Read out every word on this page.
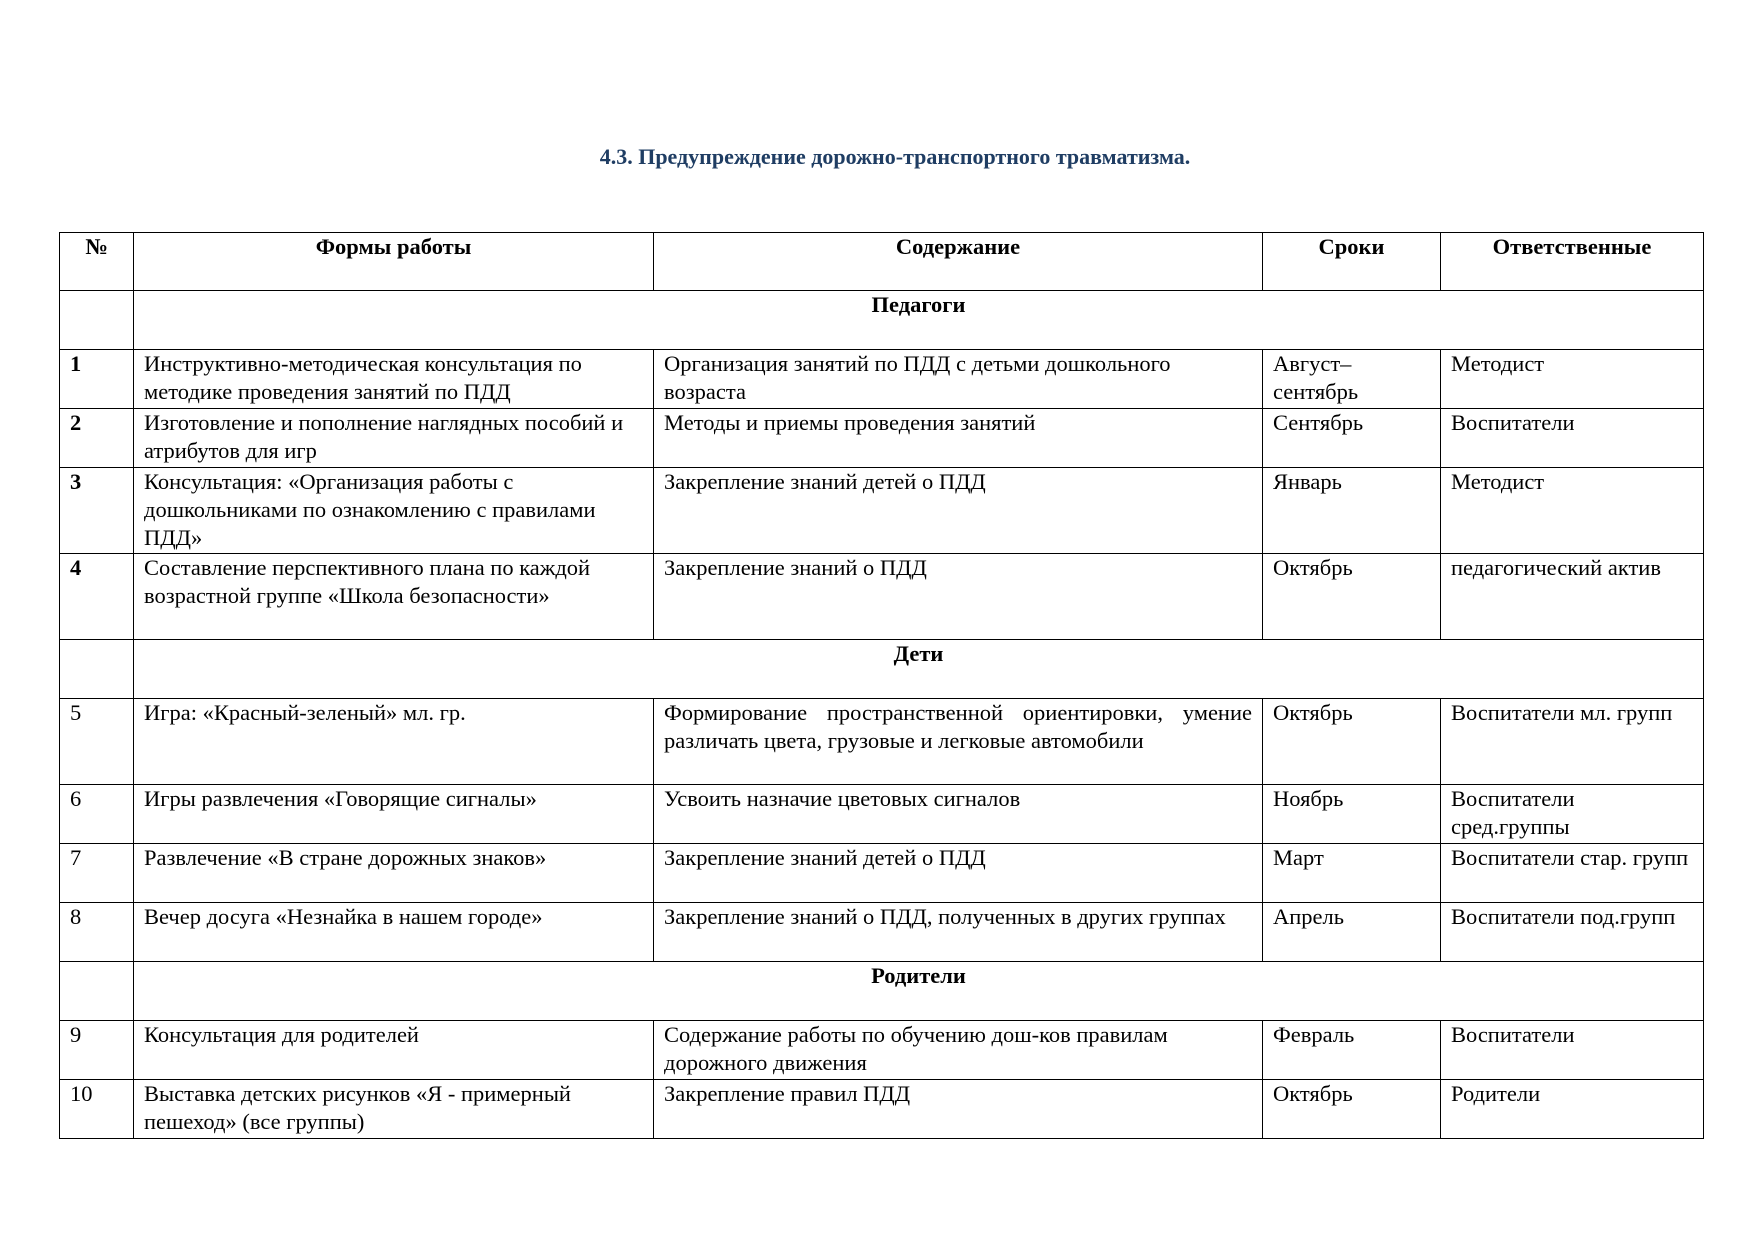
4.3. Предупреждение дорожно-транспортного травматизма.
№	Формы работы	Содержание	Сроки	Ответственные
	Педагоги			
1	Инструктивно-методическая консультация по методике проведения занятий по ПДД	Организация занятий по ПДД с детьми дошкольного возраста	Август–сентябрь	Методист
2	Изготовление и пополнение наглядных пособий и атрибутов для игр	Методы и приемы проведения занятий	Сентябрь	Воспитатели
3	Консультация: «Организация работы с дошкольниками по ознакомлению с правилами ПДД»	Закрепление знаний детей о ПДД	Январь	Методист
4	Составление перспективного плана по каждой возрастной группе «Школа безопасности»	Закрепление знаний о ПДД	Октябрь	педагогический актив
	Дети			
5	Игра: «Красный-зеленый» мл. гр.	Формирование пространственной ориентировки, умение различать цвета, грузовые и легковые автомобили	Октябрь	Воспитатели мл. групп
6	Игры развлечения «Говорящие сигналы»	Усвоить назначие цветовых сигналов	Ноябрь	Воспитатели сред.группы
7	Развлечение «В стране дорожных знаков»	Закрепление знаний детей о ПДД	Март	Воспитатели стар. групп
8	Вечер досуга «Незнайка в нашем городе»	Закрепление знаний о ПДД, полученных в других группах	Апрель	Воспитатели под.групп
	Родители			
9	Консультация для родителей	Содержание работы по обучению дош-ков правилам дорожного движения	Февраль	Воспитатели
10	Выставка детских рисунков «Я - примерный пешеход» (все группы)	Закрепление правил ПДД	Октябрь	Родители
